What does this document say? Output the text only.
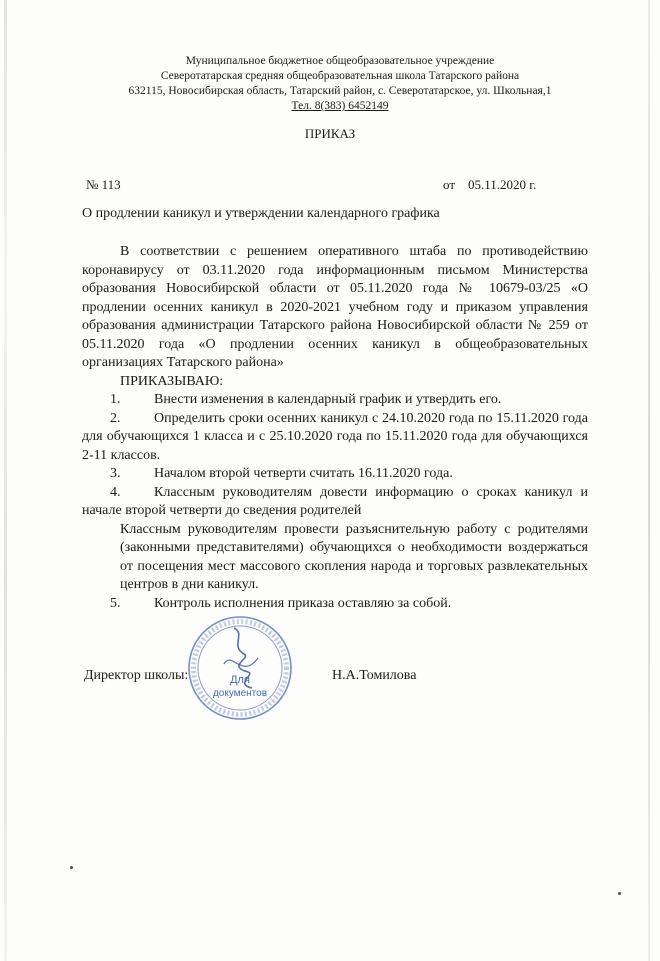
Муниципальное бюджетное общеобразовательное учреждение
Северотатарская средняя общеобразовательная школа Татарского района
632115, Новосибирская область, Татарский район, с. Северотатарское, ул. Школьная,1
Тел. 8(383) 6452149
ПРИКАЗ
№ 113	от    05.11.2020 г.
О продлении каникул и утверждении календарного графика

В соответствии с решением оперативного штаба по противодействию коронавирусу от 03.11.2020 года информационным письмом Министерства образования Новосибирской области от 05.11.2020 года № 10679-03/25 «О продлении осенних каникул в 2020-2021 учебном году и приказом управления образования администрации Татарского района Новосибирской области № 259 от 05.11.2020 года «О продлении осенних каникул в общеобразовательных организациях Татарского района»

ПРИКАЗЫВАЮ:

1.	Внести изменения в календарный график и утвердить его.

2. Определить сроки осенних каникул с 24.10.2020 года по 15.11.2020 года для обучающихся 1 класса и с 25.10.2020 года по 15.11.2020 года для обучающихся 2-11 классов.

3.	Началом второй четверти считать 16.11.2020 года.

4. Классным руководителям довести информацию о сроках каникул и начале второй четверти до сведения родителей

Классным руководителям провести разъяснительную работу с родителями (законными представителями) обучающихся о необходимости воздержаться от посещения мест массового скопления народа и торговых развлекательных центров в дни каникул.

5.	Контроль исполнения приказа оставляю за собой.
Директор школы:	Н.А.Томилова
Для
документов
